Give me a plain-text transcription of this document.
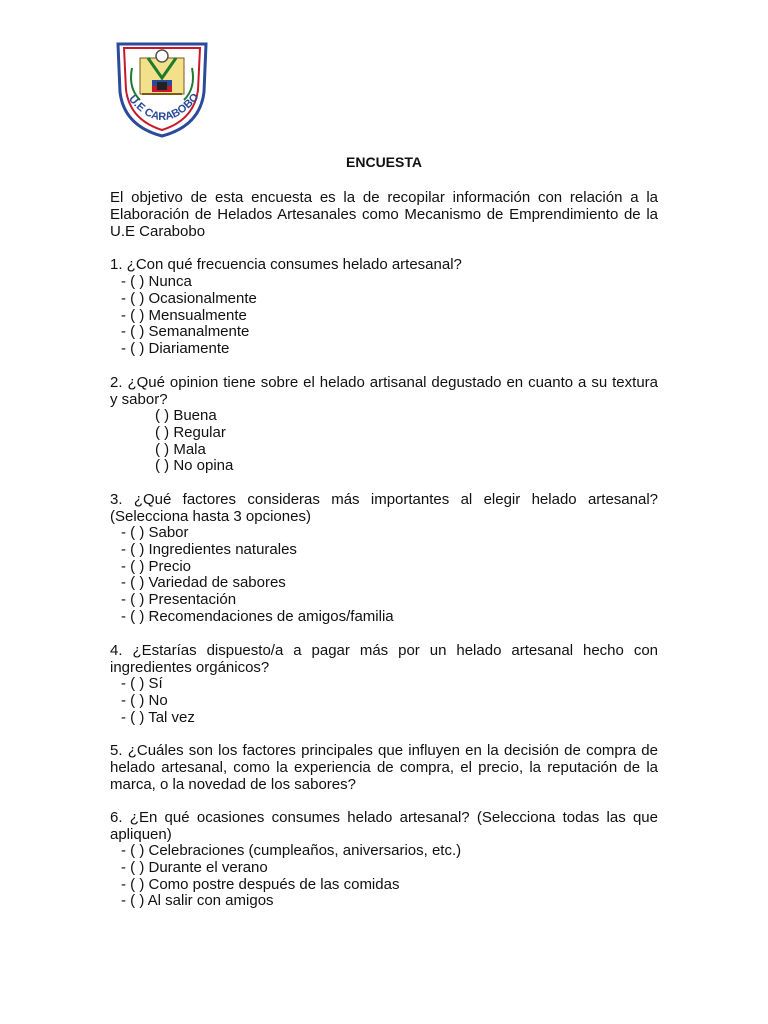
U.E CARABOBO
ENCUESTA
El objetivo de esta encuesta es la de recopilar información con relación a la Elaboración de Helados Artesanales como Mecanismo de Emprendimiento de la U.E Carabobo
1. ¿Con qué frecuencia consumes helado artesanal?
- ( ) Nunca
- ( ) Ocasionalmente
- ( ) Mensualmente
- ( ) Semanalmente
- ( ) Diariamente
2. ¿Qué opinion tiene sobre el helado artisanal degustado en cuanto a su textura y sabor?
( ) Buena
( ) Regular
( ) Mala
( ) No opina
3. ¿Qué factores consideras más importantes al elegir helado artesanal? (Selecciona hasta 3 opciones)
- ( ) Sabor
- ( ) Ingredientes naturales
- ( ) Precio
- ( ) Variedad de sabores
- ( ) Presentación
- ( ) Recomendaciones de amigos/familia
4. ¿Estarías dispuesto/a a pagar más por un helado artesanal hecho con ingredientes orgánicos?
- ( ) Sí
- ( ) No
- ( ) Tal vez
5. ¿Cuáles son los factores principales que influyen en la decisión de compra de helado artesanal, como la experiencia de compra, el precio, la reputación de la marca, o la novedad de los sabores?
6. ¿En qué ocasiones consumes helado artesanal? (Selecciona todas las que apliquen)
- ( ) Celebraciones (cumpleaños, aniversarios, etc.)
- ( ) Durante el verano
- ( ) Como postre después de las comidas
- ( ) Al salir con amigos
